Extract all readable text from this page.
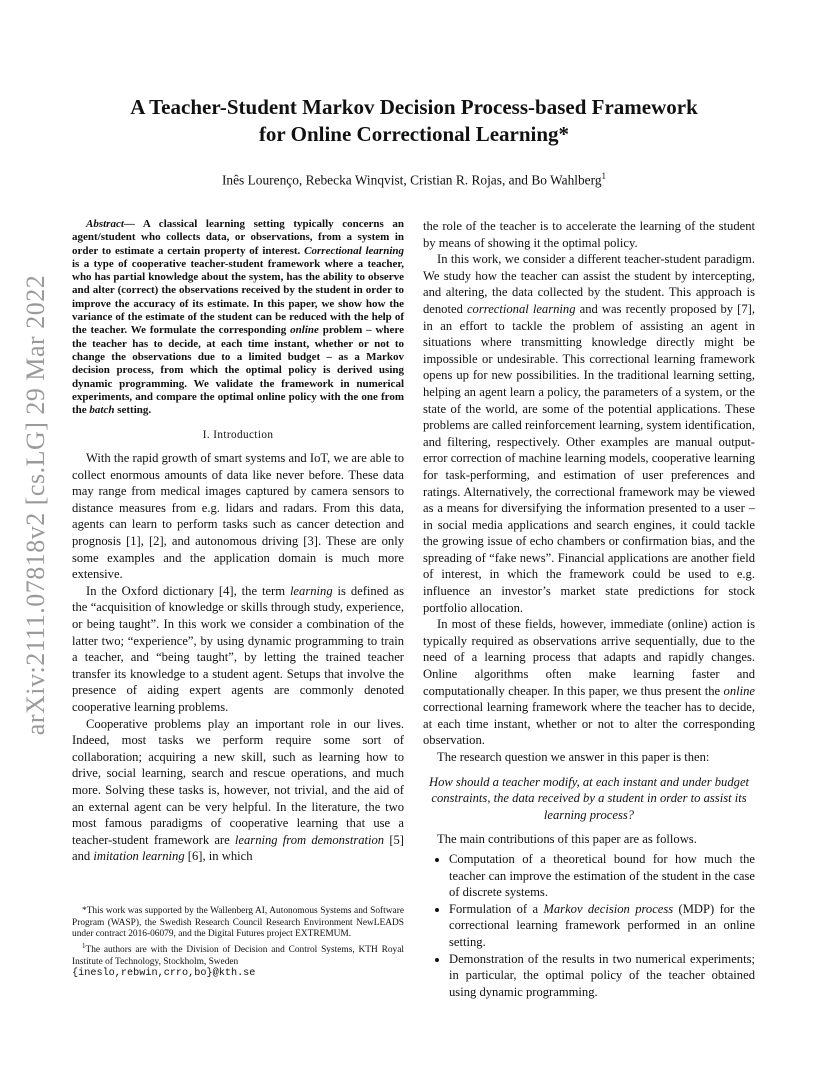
arXiv:2111.07818v2 [cs.LG] 29 Mar 2022
A Teacher-Student Markov Decision Process-based Framework
for Online Correctional Learning*
Inês Lourenço, Rebecka Winqvist, Cristian R. Rojas, and Bo Wahlberg$^1$

Abstract— A classical learning setting typically concerns an agent/student who collects data, or observations, from a system in order to estimate a certain property of interest. Correctional learning is a type of cooperative teacher-student framework where a teacher, who has partial knowledge about the system, has the ability to observe and alter (correct) the observations received by the student in order to improve the accuracy of its estimate. In this paper, we show how the variance of the estimate of the student can be reduced with the help of the teacher. We formulate the corresponding online problem – where the teacher has to decide, at each time instant, whether or not to change the observations due to a limited budget – as a Markov decision process, from which the optimal policy is derived using dynamic programming. We validate the framework in numerical experiments, and compare the optimal online policy with the one from the batch setting.

I. Introduction

With the rapid growth of smart systems and IoT, we are able to collect enormous amounts of data like never before. These data may range from medical images captured by camera sensors to distance measures from e.g. lidars and radars. From this data, agents can learn to perform tasks such as cancer detection and prognosis [1], [2], and autonomous driving [3]. These are only some examples and the application domain is much more extensive.

In the Oxford dictionary [4], the term learning is defined as the “acquisition of knowledge or skills through study, experience, or being taught”. In this work we consider a combination of the latter two; “experience”, by using dynamic programming to train a teacher, and “being taught”, by letting the trained teacher transfer its knowledge to a student agent. Setups that involve the presence of aiding expert agents are commonly denoted cooperative learning problems.

Cooperative problems play an important role in our lives. Indeed, most tasks we perform require some sort of collaboration; acquiring a new skill, such as learning how to drive, social learning, search and rescue operations, and much more. Solving these tasks is, however, not trivial, and the aid of an external agent can be very helpful. In the literature, the two most famous paradigms of cooperative learning that use a teacher-student framework are learning from demonstration [5] and imitation learning [6], in which

the role of the teacher is to accelerate the learning of the student by means of showing it the optimal policy.

In this work, we consider a different teacher-student paradigm. We study how the teacher can assist the student by intercepting, and altering, the data collected by the student. This approach is denoted correctional learning and was recently proposed by [7], in an effort to tackle the problem of assisting an agent in situations where transmitting knowledge directly might be impossible or undesirable. This correctional learning framework opens up for new possibilities. In the traditional learning setting, helping an agent learn a policy, the parameters of a system, or the state of the world, are some of the potential applications. These problems are called reinforcement learning, system identification, and filtering, respectively. Other examples are manual output-error correction of machine learning models, cooperative learning for task-performing, and estimation of user preferences and ratings. Alternatively, the correctional framework may be viewed as a means for diversifying the information presented to a user – in social media applications and search engines, it could tackle the growing issue of echo chambers or confirmation bias, and the spreading of “fake news”. Financial applications are another field of interest, in which the framework could be used to e.g. influence an investor’s market state predictions for stock portfolio allocation.

In most of these fields, however, immediate (online) action is typically required as observations arrive sequentially, due to the need of a learning process that adapts and rapidly changes. Online algorithms often make learning faster and computationally cheaper. In this paper, we thus present the online correctional learning framework where the teacher has to decide, at each time instant, whether or not to alter the corresponding observation.

The research question we answer in this paper is then:

How should a teacher modify, at each instant and under budget constraints, the data received by a student in order to assist its learning process?

The main contributions of this paper are as follows.

• Computation of a theoretical bound for how much the teacher can improve the estimation of the student in the case of discrete systems.
• Formulation of a Markov decision process (MDP) for the correctional learning framework performed in an online setting.
• Demonstration of the results in two numerical experiments; in particular, the optimal policy of the teacher obtained using dynamic programming.

*This work was supported by the Wallenberg AI, Autonomous Systems and Software Program (WASP), the Swedish Research Council Research Environment NewLEADS under contract 2016-06079, and the Digital Futures project EXTREMUM.

$^1$The authors are with the Division of Decision and Control Systems, KTH Royal Institute of Technology, Stockholm, Sweden

{ineslo,rebwin,crro,bo}@kth.se
